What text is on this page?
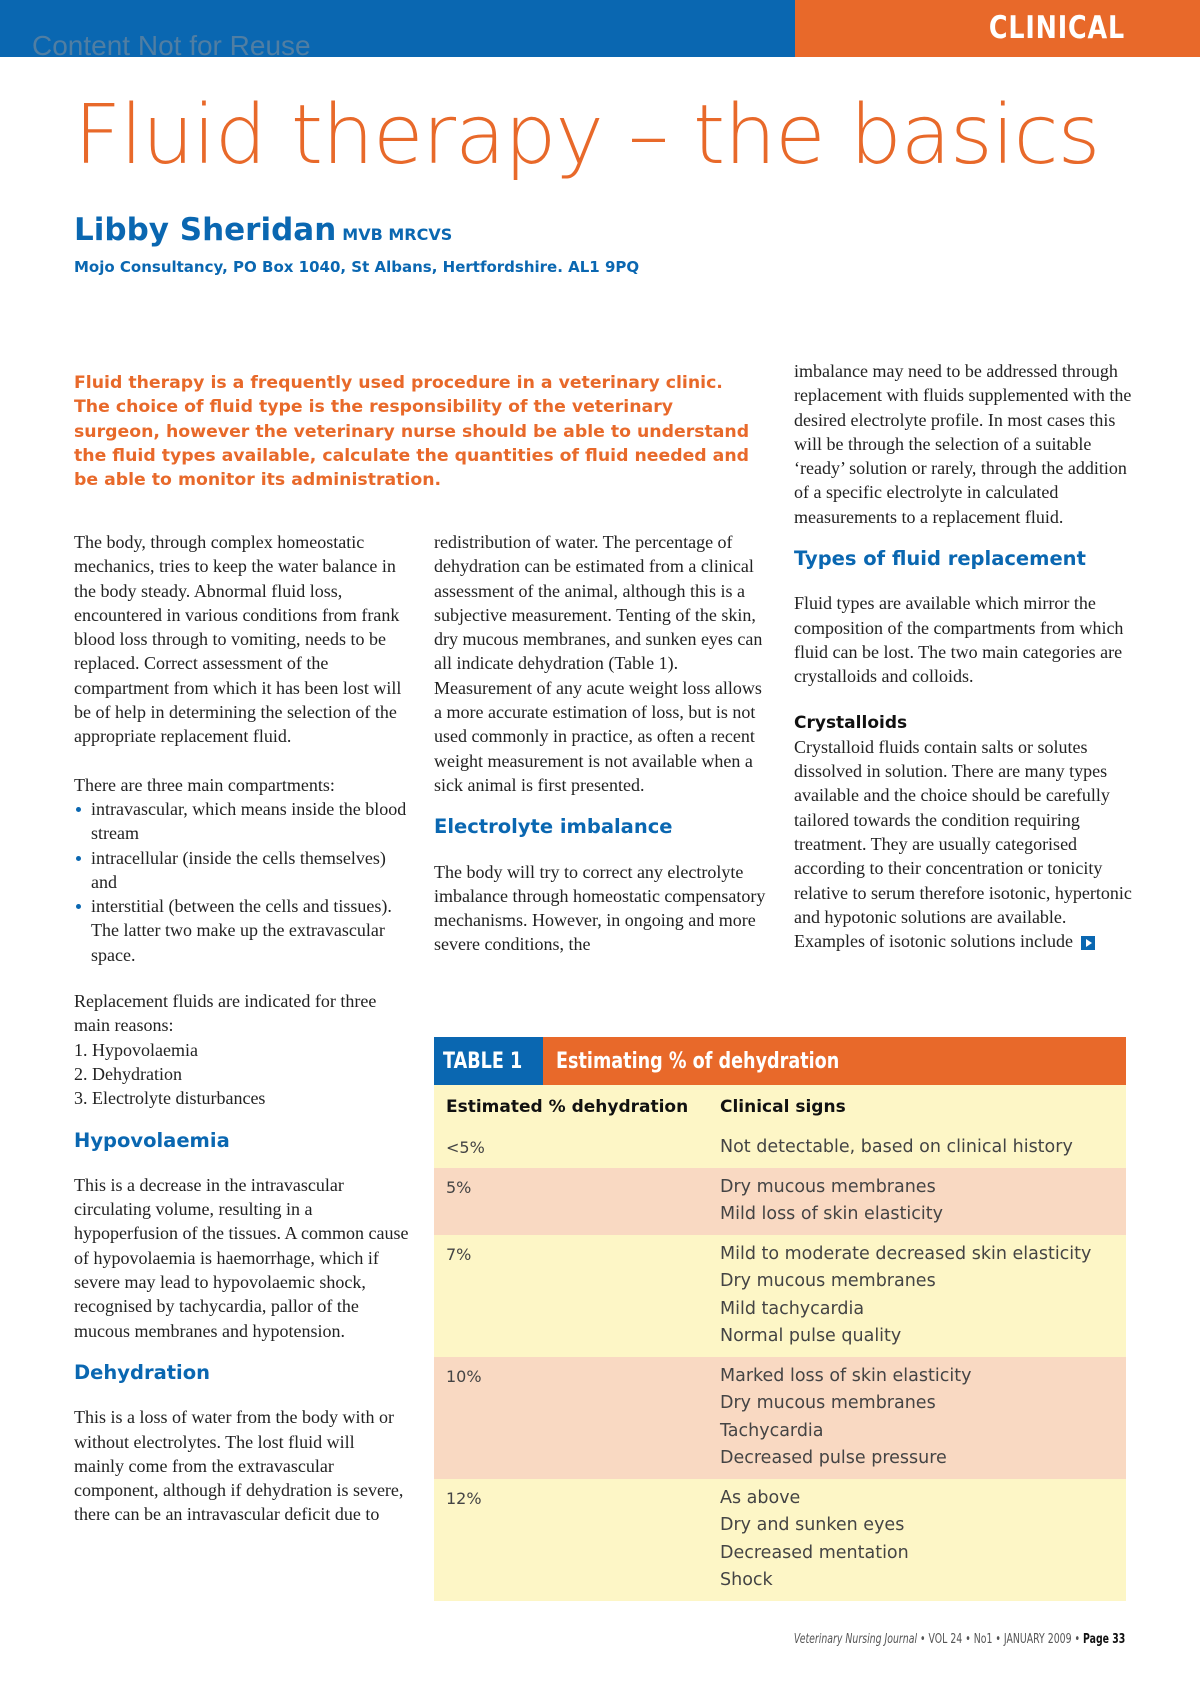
CLINICAL
Content Not for Reuse
Fluid therapy – the basics
Libby Sheridan MVB MRCVS
Mojo Consultancy, PO Box 1040, St Albans, Hertfordshire. AL1 9PQ
Fluid therapy is a frequently used procedure in a veterinary clinic. The choice of fluid type is the responsibility of the veterinary surgeon, however the veterinary nurse should be able to understand the fluid types available, calculate the quantities of fluid needed and be able to monitor its administration.

The body, through complex homeostatic mechanics, tries to keep the water balance in the body steady. Abnormal fluid loss, encountered in various conditions from frank blood loss through to vomiting, needs to be replaced. Correct assessment of the compartment from which it has been lost will be of help in determining the selection of the appropriate replacement fluid.

There are three main compartments:

intravascular, which means inside the blood stream
intracellular (inside the cells themselves) and
interstitial (between the cells and tissues). The latter two make up the extravascular space.

Replacement fluids are indicated for three main reasons:

1. Hypovolaemia
2. Dehydration
3. Electrolyte disturbances
Hypovolaemia

This is a decrease in the intravascular circulating volume, resulting in a hypoperfusion of the tissues. A common cause of hypovolaemia is haemorrhage, which if severe may lead to hypovolaemic shock, recognised by tachycardia, pallor of the mucous membranes and hypotension.

Dehydration

This is a loss of water from the body with or without electrolytes. The lost fluid will mainly come from the extravascular component, although if dehydration is severe, there can be an intravascular deficit due to

redistribution of water. The percentage of dehydration can be estimated from a clinical assessment of the animal, although this is a subjective measurement. Tenting of the skin, dry mucous membranes, and sunken eyes can all indicate dehydration (Table 1). Measurement of any acute weight loss allows a more accurate estimation of loss, but is not used commonly in practice, as often a recent weight measurement is not available when a sick animal is first presented.

Electrolyte imbalance

The body will try to correct any electrolyte imbalance through homeostatic compensatory mechanisms. However, in ongoing and more severe conditions, the

imbalance may need to be addressed through replacement with fluids supplemented with the desired electrolyte profile. In most cases this will be through the selection of a suitable ‘ready’ solution or rarely, through the addition of a specific electrolyte in calculated measurements to a replacement fluid.

Types of fluid replacement

Fluid types are available which mirror the composition of the compartments from which fluid can be lost. The two main categories are crystalloids and colloids.

Crystalloids

Crystalloid fluids contain salts or solutes dissolved in solution. There are many types available and the choice should be carefully tailored towards the condition requiring treatment. They are usually categorised according to their concentration or tonicity relative to serum therefore isotonic, hypertonic and hypotonic solutions are available. Examples of isotonic solutions include

TABLE 1 Estimating % of dehydration
Estimated % dehydration	Clinical signs
<5%	Not detectable, based on clinical history
5%	Dry mucous membranes
Mild loss of skin elasticity
7%	Mild to moderate decreased skin elasticity
Dry mucous membranes
Mild tachycardia
Normal pulse quality
10%	Marked loss of skin elasticity
Dry mucous membranes
Tachycardia
Decreased pulse pressure
12%	As above
Dry and sunken eyes
Decreased mentation
Shock
Veterinary Nursing Journal • VOL 24 • No1 • JANUARY 2009 • Page 33
